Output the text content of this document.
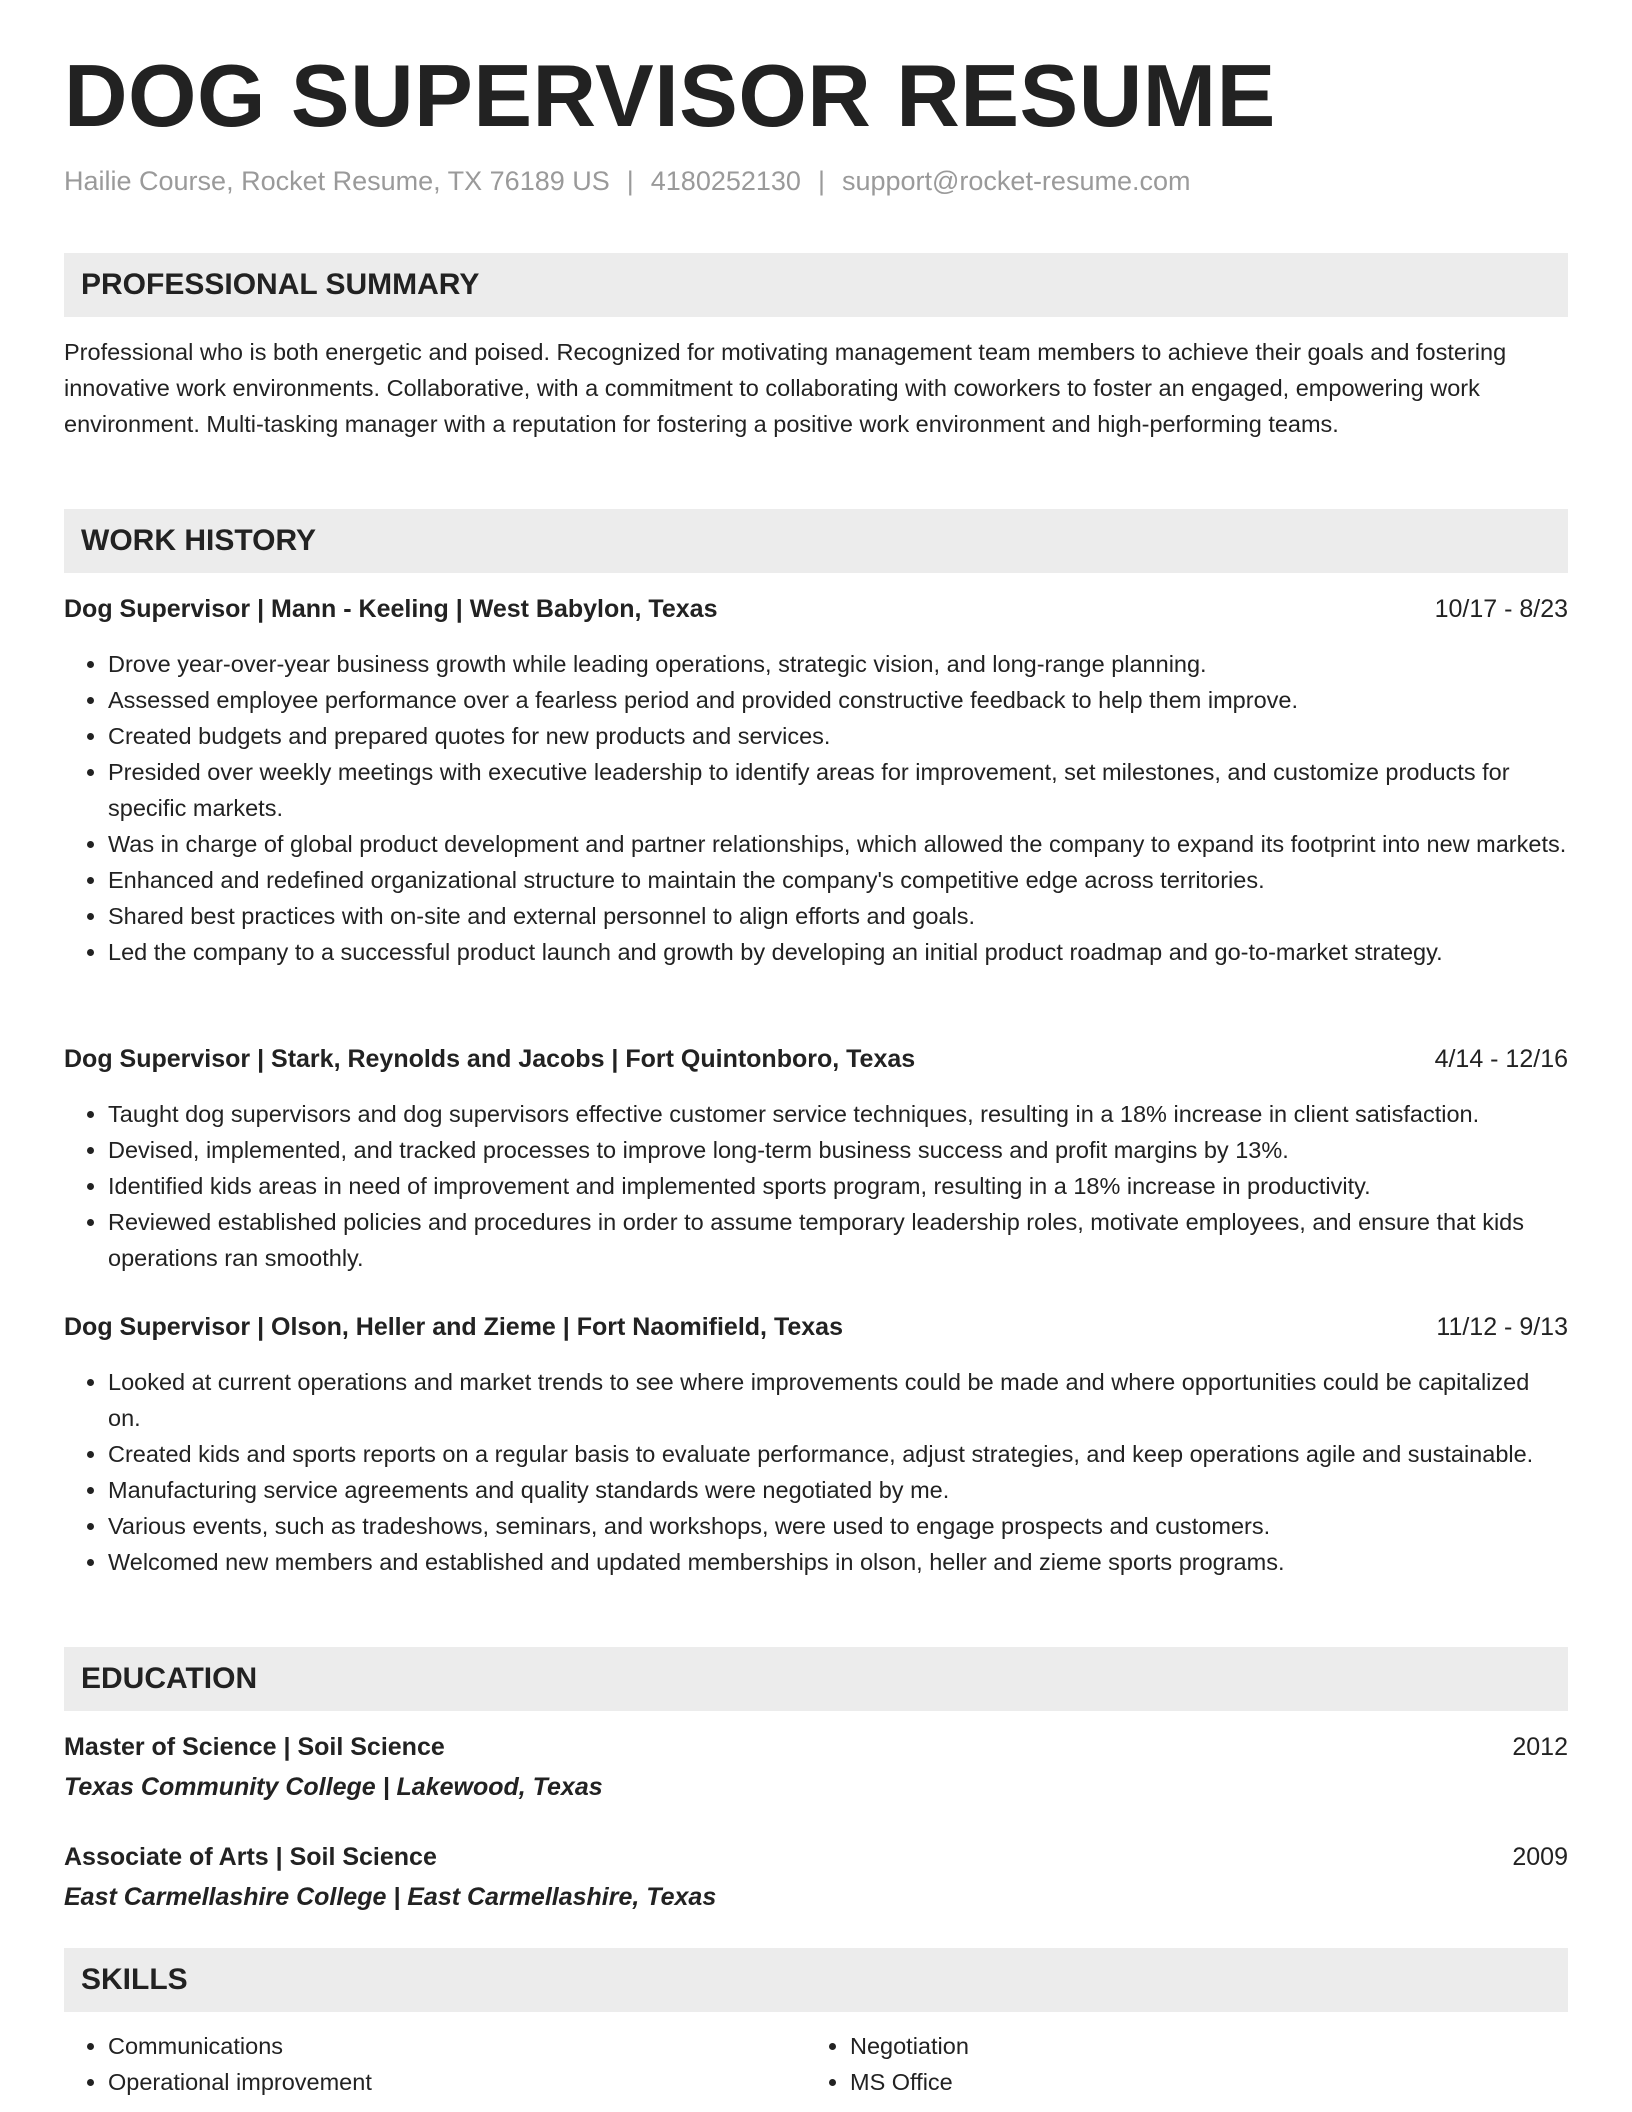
DOG SUPERVISOR RESUME
Hailie Course, Rocket Resume, TX 76189 US | 4180252130 | support@rocket-resume.com
PROFESSIONAL SUMMARY

Professional who is both energetic and poised. Recognized for motivating management team members to achieve their goals and fostering innovative work environments. Collaborative, with a commitment to collaborating with coworkers to foster an engaged, empowering work environment. Multi-tasking manager with a reputation for fostering a positive work environment and high-performing teams.

WORK HISTORY
Dog Supervisor | Mann - Keeling | West Babylon, Texas	10/17 - 8/23
• Drove year-over-year business growth while leading operations, strategic vision, and long-range planning.
• Assessed employee performance over a fearless period and provided constructive feedback to help them improve.
• Created budgets and prepared quotes for new products and services.
• Presided over weekly meetings with executive leadership to identify areas for improvement, set milestones, and customize products for specific markets.
• Was in charge of global product development and partner relationships, which allowed the company to expand its footprint into new markets.
• Enhanced and redefined organizational structure to maintain the company's competitive edge across territories.
• Shared best practices with on-site and external personnel to align efforts and goals.
• Led the company to a successful product launch and growth by developing an initial product roadmap and go-to-market strategy.
Dog Supervisor | Stark, Reynolds and Jacobs | Fort Quintonboro, Texas	4/14 - 12/16
• Taught dog supervisors and dog supervisors effective customer service techniques, resulting in a 18% increase in client satisfaction.
• Devised, implemented, and tracked processes to improve long-term business success and profit margins by 13%.
• Identified kids areas in need of improvement and implemented sports program, resulting in a 18% increase in productivity.
• Reviewed established policies and procedures in order to assume temporary leadership roles, motivate employees, and ensure that kids operations ran smoothly.
Dog Supervisor | Olson, Heller and Zieme | Fort Naomifield, Texas	11/12 - 9/13
• Looked at current operations and market trends to see where improvements could be made and where opportunities could be capitalized on.
• Created kids and sports reports on a regular basis to evaluate performance, adjust strategies, and keep operations agile and sustainable.
• Manufacturing service agreements and quality standards were negotiated by me.
• Various events, such as tradeshows, seminars, and workshops, were used to engage prospects and customers.
• Welcomed new members and established and updated memberships in olson, heller and zieme sports programs.
EDUCATION
Master of Science | Soil Science	2012
Texas Community College | Lakewood, Texas
Associate of Arts | Soil Science	2009
East Carmellashire College | East Carmellashire, Texas
SKILLS
• Communications
• Operational improvement
• Negotiation
• MS Office
